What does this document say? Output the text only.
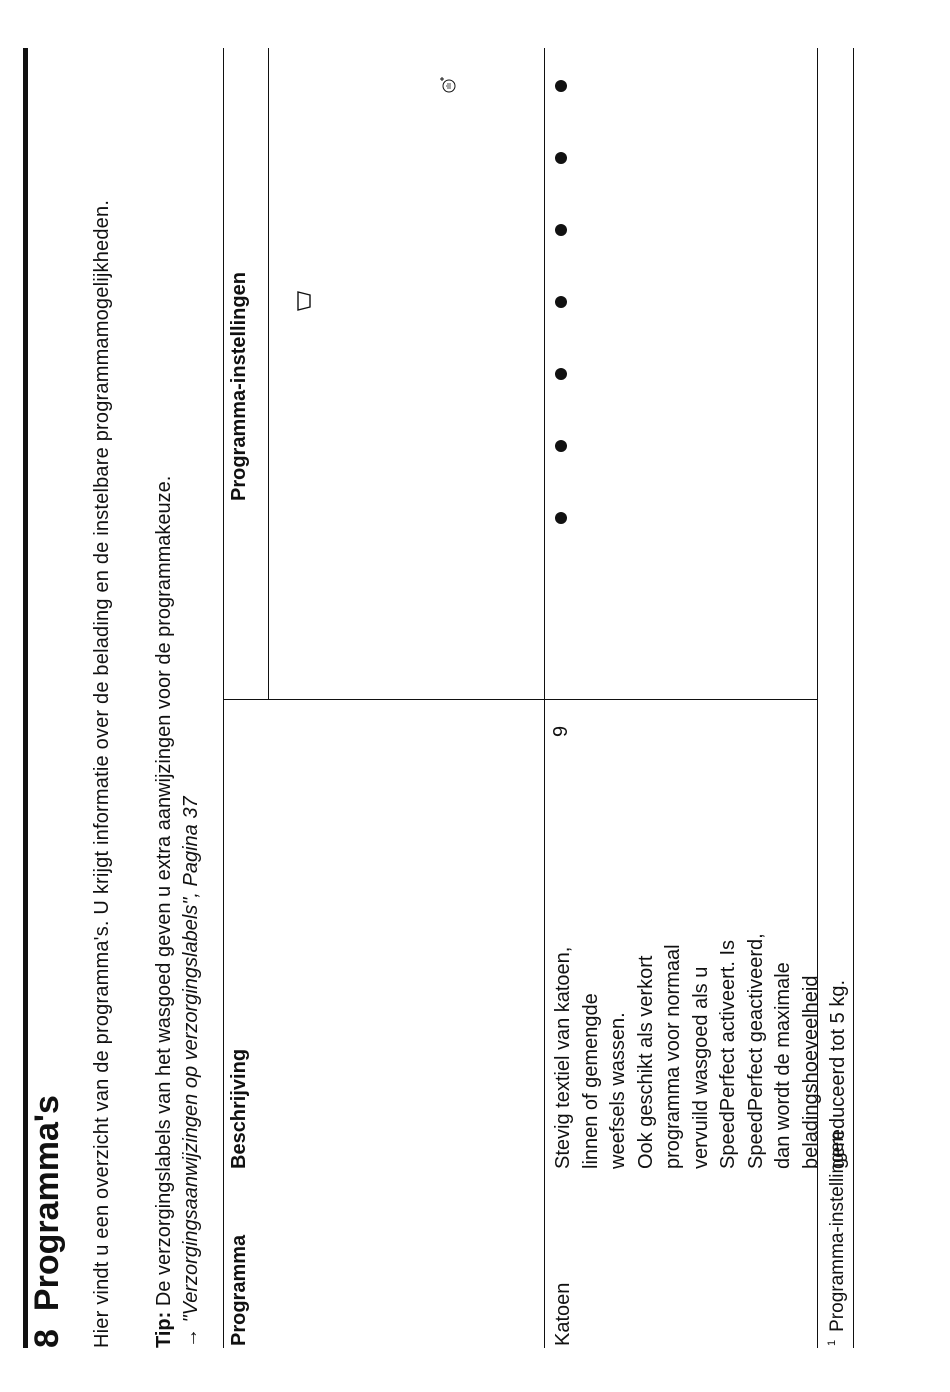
8Programma's Hier vindt u een overzicht van de programma's. U krijgt informatie over de belading en de instelbare programmamogelijkheden. Tip: De verzorgingslabels van het wasgoed geven u extra aanwijzingen voor de programmakeuze.
→ "Verzorgingsaanwijzingen op verzorgingslabels", Pagina 37
Programma
Beschrijving
Programma-instellingen
Katoen
Stevig textiel van katoen, linnen of gemengde weefsels wassen. Ook geschikt als verkort programma voor normaal vervuild wasgoed als u SpeedPerfect activeert. Is SpeedPerfect geactiveerd, dan wordt de maximale beladingshoeveelheid gereduceerd tot 5 kg.
9
$^1$Programma-instellingen
